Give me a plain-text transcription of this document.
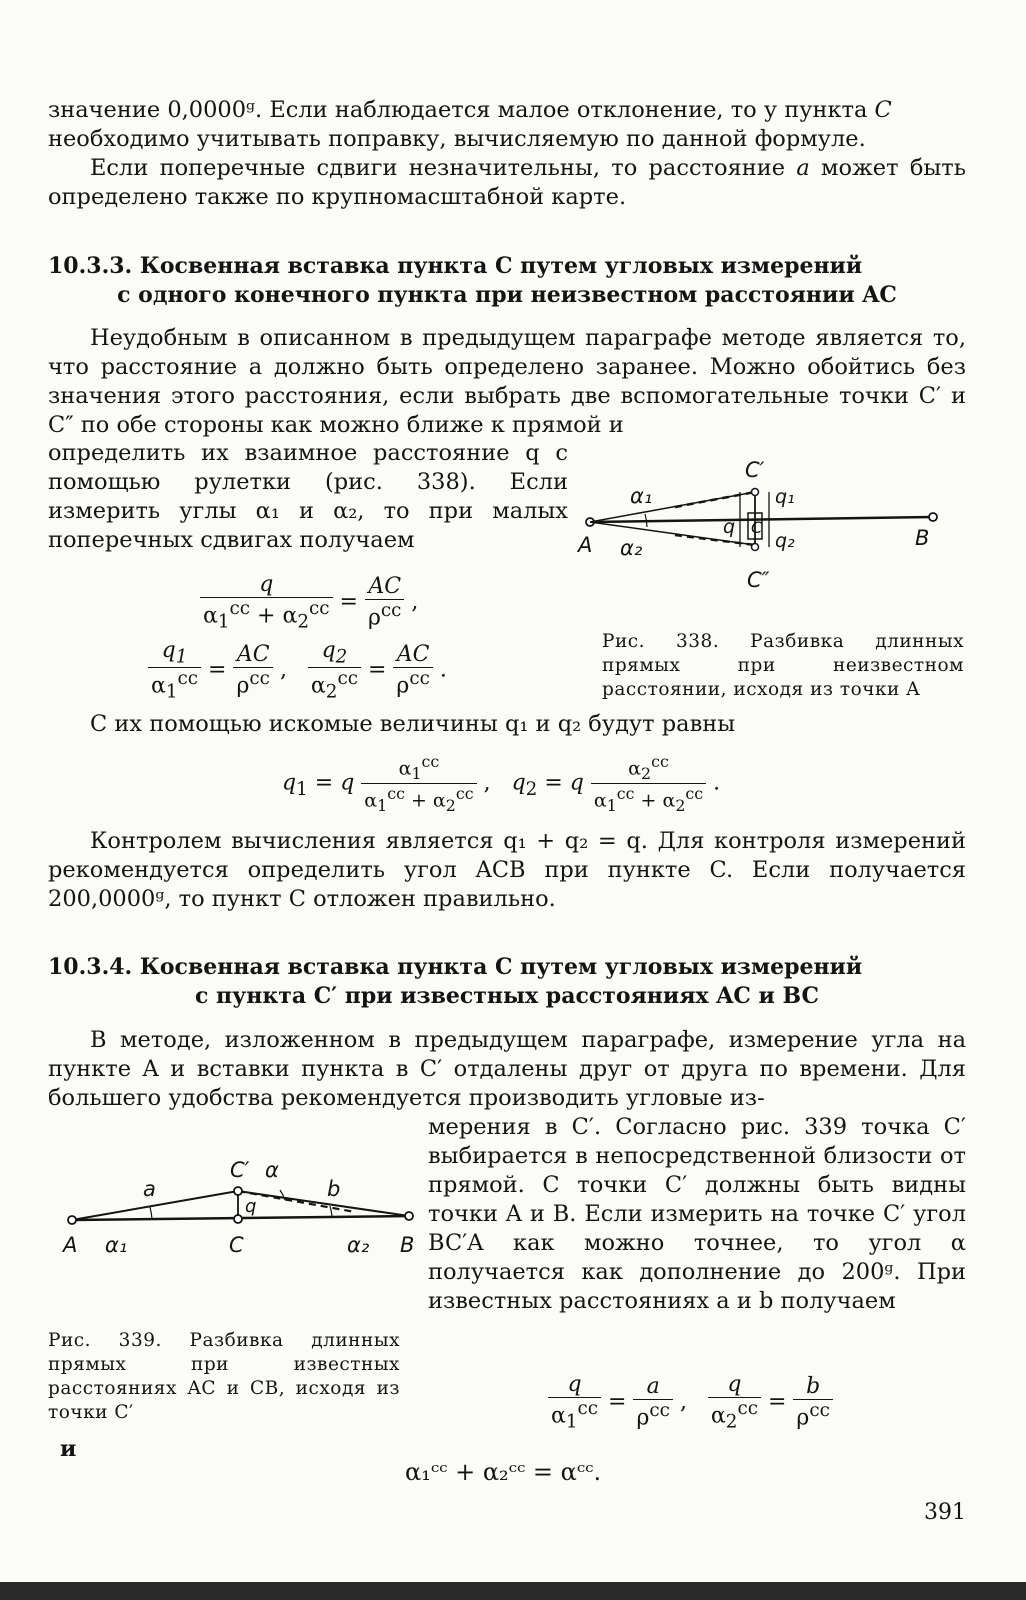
значение 0,0000ᵍ. Если наблюдается малое отклонение, то у пункта C
необходимо учитывать поправку, вычисляемую по данной формуле.

Если поперечные сдвиги незначительны, то расстояние a может быть определено также по крупномасштабной карте.

10.3.3. Косвенная вставка пункта C путем угловых измерений
с одного конечного пункта при неизвестном расстоянии AC

Неудобным в описанном в предыдущем параграфе методе является то, что расстояние a должно быть определено заранее. Можно обойтись без значения этого расстояния, если выбрать две вспомогательные точки C′ и C″ по обе стороны как можно ближе к прямой и

определить их взаимное расстояние q с помощью рулетки (рис. 338). Если измерить углы α₁ и α₂, то при малых поперечных сдвигах получаем

C′
C″
A	B
α₁
α₂
q C
q₁
q₂

Рис. 338. Разбивка длинных прямых при неизвестном расстоянии, исходя из точки A

$\frac{q}{\alpha_1^{cc} + \alpha_2^{cc}} = \frac{AC}{\rho^{cc}}$ ,
$\frac{q_1}{\alpha_1^{cc}} = \frac{AC}{\rho^{cc}}$ , $\frac{q_2}{\alpha_2^{cc}} = \frac{AC}{\rho^{cc}}$ .

С их помощью искомые величины q₁ и q₂ будут равны

$q_1 = q \frac{\alpha_1^{cc}}{\alpha_1^{cc} + \alpha_2^{cc}}$ ,   $q_2 = q \frac{\alpha_2^{cc}}{\alpha_1^{cc} + \alpha_2^{cc}}$ .

Контролем вычисления является q₁ + q₂ = q. Для контроля измерений рекомендуется определить угол ACB при пункте C. Если получается 200,0000ᵍ, то пункт C отложен правильно.

10.3.4. Косвенная вставка пункта C путем угловых измерений
с пункта C′ при известных расстояниях AC и BC

В методе, изложенном в предыдущем параграфе, измерение угла на пункте A и вставки пункта в C′ отдалены друг от друга по времени. Для большего удобства рекомендуется производить угловые из-

мерения в C′. Согласно рис. 339 точка C′ выбирается в непосредственной близости от прямой. С точки C′ должны быть видны точки A и B. Если измерить на точке C′ угол BC′A как можно точнее, то угол α получается как дополнение до 200ᵍ. При известных расстояниях a и b получаем

C′ α
a	b
q
A α₁	C	α₂ B

Рис. 339. Разбивка длинных прямых при известных расстояниях AC и CB, исходя из точки C′	$\frac{q}{\alpha_1^{cc}} = \frac{a}{\rho^{cc}}$ , $\frac{q}{\alpha_2^{cc}} = \frac{b}{\rho^{cc}}$
и
α₁ᶜᶜ + α₂ᶜᶜ = αᶜᶜ.
391
